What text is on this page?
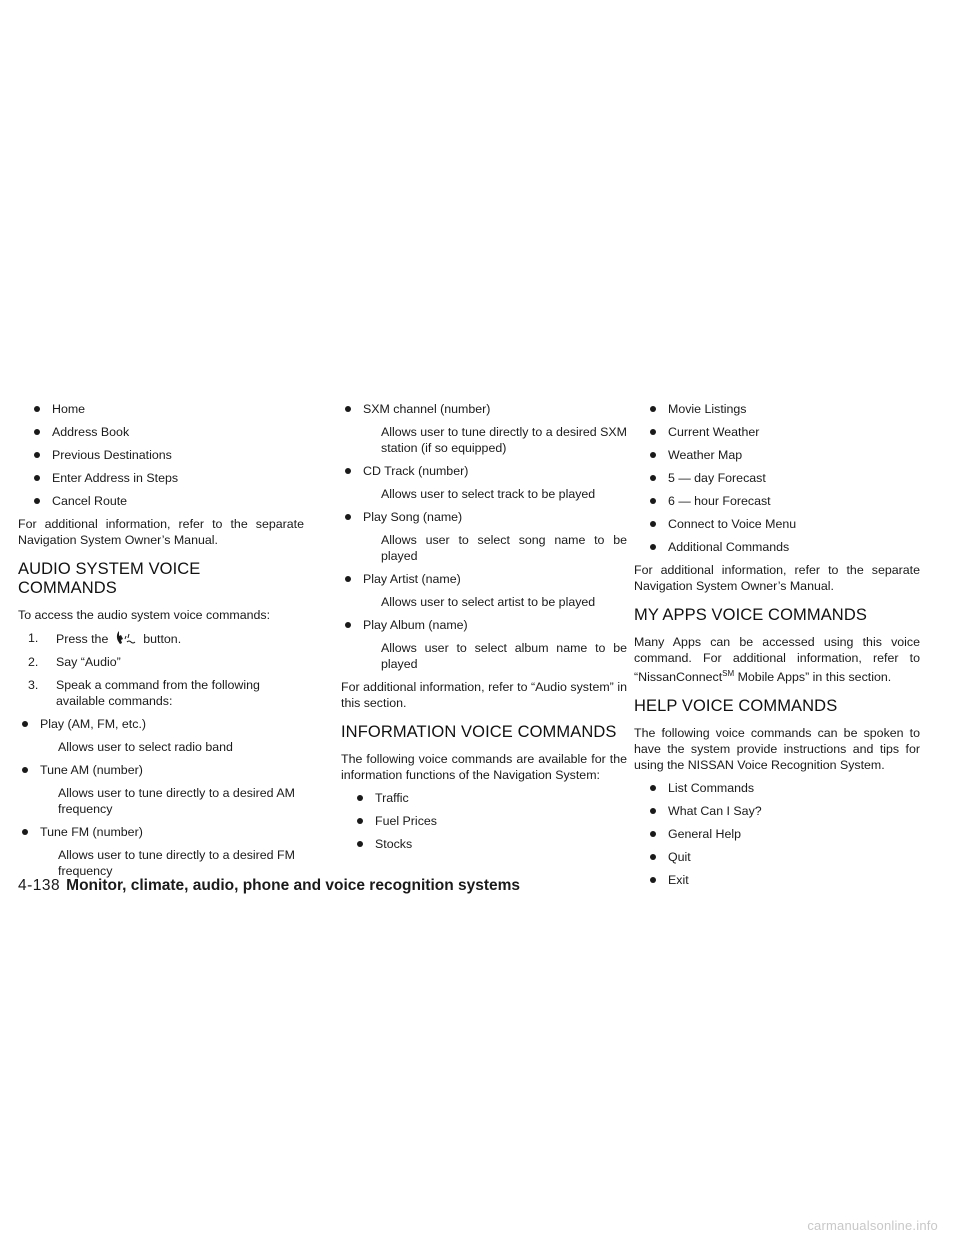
Home
Address Book
Previous Destinations
Enter Address in Steps
Cancel Route
For additional information, refer to the separate Navigation System Owner’s Manual.
AUDIO SYSTEM VOICE
COMMANDS
To access the audio system voice commands:
1. Press the	button.
2. Say “Audio”
3. Speak a command from the following available commands:
Play (AM, FM, etc.)
Allows user to select radio band
Tune AM (number)
Allows user to tune directly to a desired AM frequency
Tune FM (number)
Allows user to tune directly to a desired FM frequency
SXM channel (number)
Allows user to tune directly to a desired SXM station (if so equipped)
CD Track (number)
Allows user to select track to be played
Play Song (name)
Allows user to select song name to be played
Play Artist (name)
Allows user to select artist to be played
Play Album (name)
Allows user to select album name to be played
For additional information, refer to “Audio system” in this section.
INFORMATION VOICE COMMANDS
The following voice commands are available for the information functions of the Navigation System:
Traffic
Fuel Prices
Stocks
Movie Listings
Current Weather
Weather Map
5 — day Forecast
6 — hour Forecast
Connect to Voice Menu
Additional Commands
For additional information, refer to the separate Navigation System Owner’s Manual.
MY APPS VOICE COMMANDS
Many Apps can be accessed using this voice command. For additional information, refer to “NissanConnect℠ Mobile Apps” in this section.
HELP VOICE COMMANDS
The following voice commands can be spoken to have the system provide instructions and tips for using the NISSAN Voice Recognition System.
List Commands
What Can I Say?
General Help
Quit
Exit
4-138 Monitor, climate, audio, phone and voice recognition systems
carmanualsonline.info
